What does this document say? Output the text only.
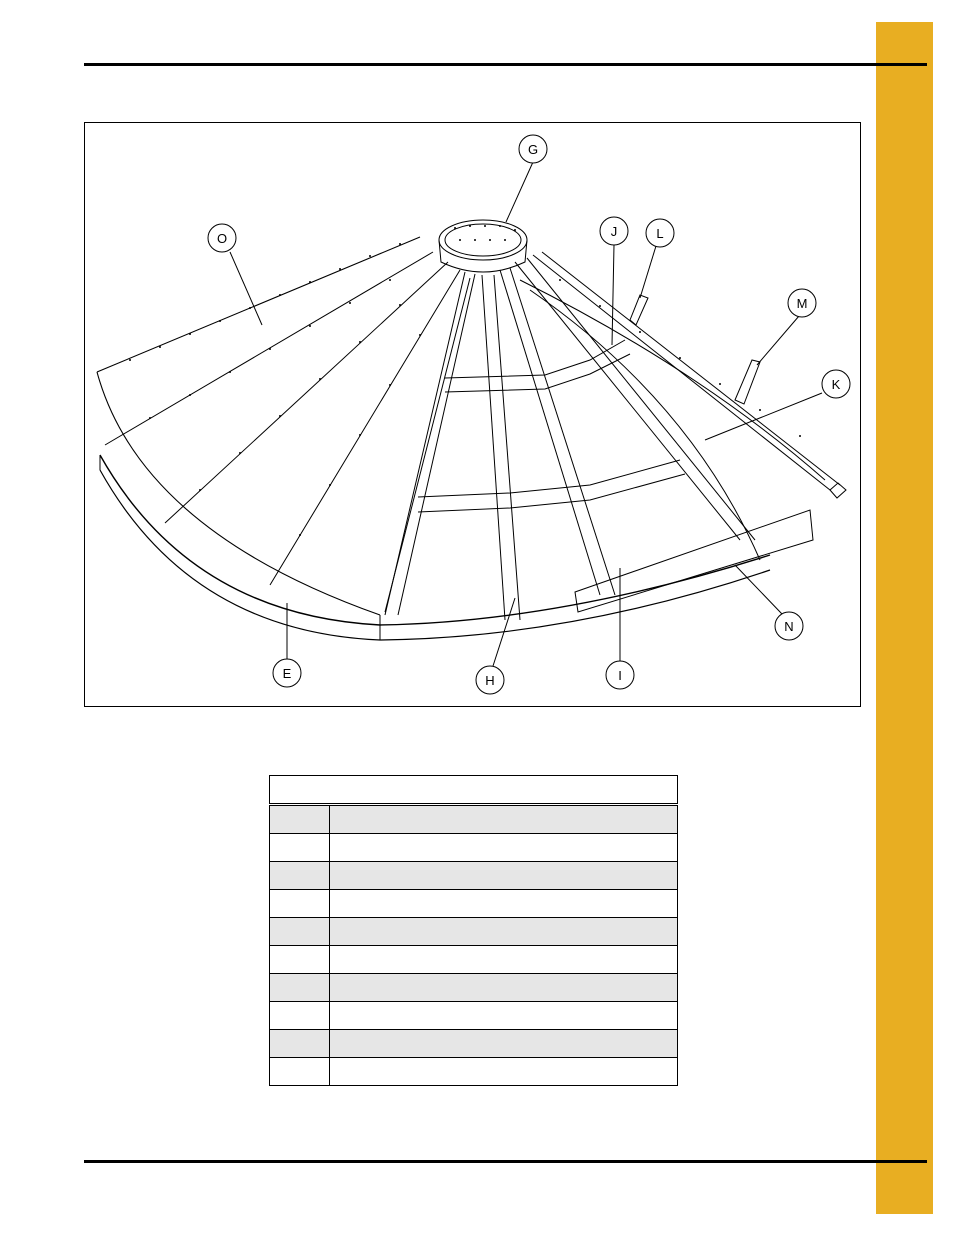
G
O	J	L
M
K
N
I
H
E
